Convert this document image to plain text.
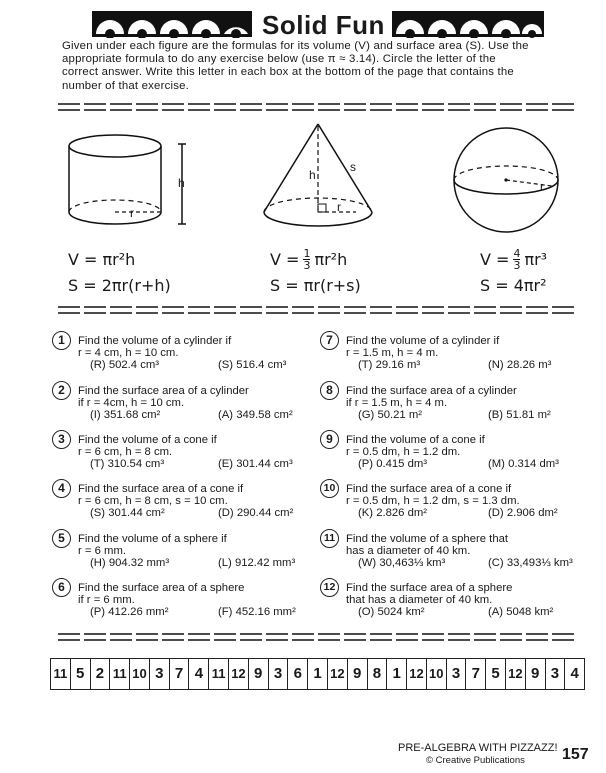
Solid Fun
Given under each figure are the formulas for its volume (V) and surface area (S). Use the
appropriate formula to do any exercise below (use π ≈ 3.14). Circle the letter of the
correct answer. Write this letter in each box at the bottom of the page that contains the
number of that exercise.
h
r
h
s
r
r
V = πr²h
S = 2πr(r+h)
$V = \frac{1}{3} \pi r^2h$
S = πr(r+s)
$V = \frac{4}{3} \pi r^3$
S = 4πr²
1	Find the volume of a cylinder if
r = 4 cm, h = 10 cm.
(R) 502.4 cm³	(S) 516.4 cm³
2	Find the surface area of a cylinder
if r = 4cm, h = 10 cm.
(I) 351.68 cm²	(A) 349.58 cm²
3	Find the volume of a cone if
r = 6 cm, h = 8 cm.
(T) 310.54 cm³	(E) 301.44 cm³
4	Find the surface area of a cone if
r = 6 cm, h = 8 cm, s = 10 cm.
(S) 301.44 cm²	(D) 290.44 cm²
5	Find the volume of a sphere if
r = 6 mm.
(H) 904.32 mm³	(L) 912.42 mm³
6	Find the surface area of a sphere
if r = 6 mm.
(P) 412.26 mm²	(F) 452.16 mm²
7	Find the volume of a cylinder if
r = 1.5 m, h = 4 m.
(T) 29.16 m³	(N) 28.26 m³
8	Find the surface area of a cylinder
if r = 1.5 m, h = 4 m.
(G) 50.21 m²	(B) 51.81 m²
9	Find the volume of a cone if
r = 0.5 dm, h = 1.2 dm.
(P) 0.415 dm³	(M) 0.314 dm³
10 Find the surface area of a cone if
r = 0.5 dm, h = 1.2 dm, s = 1.3 dm.
(K) 2.826 dm²	(D) 2.906 dm²
11 Find the volume of a sphere that
has a diameter of 40 km.
(W) 30,463⅓ km³	(C) 33,493⅓ km³
12 Find the surface area of a sphere
that has a diameter of 40 km.
(O) 5024 km²	(A) 5048 km²
11 5 2 11 10 3 7 4 11 12 9 3 6 1 12 9 8 1 12 10 3 7 5 12 9 3 4
PRE-ALGEBRA WITH PIZZAZZ!
© Creative Publications 157
